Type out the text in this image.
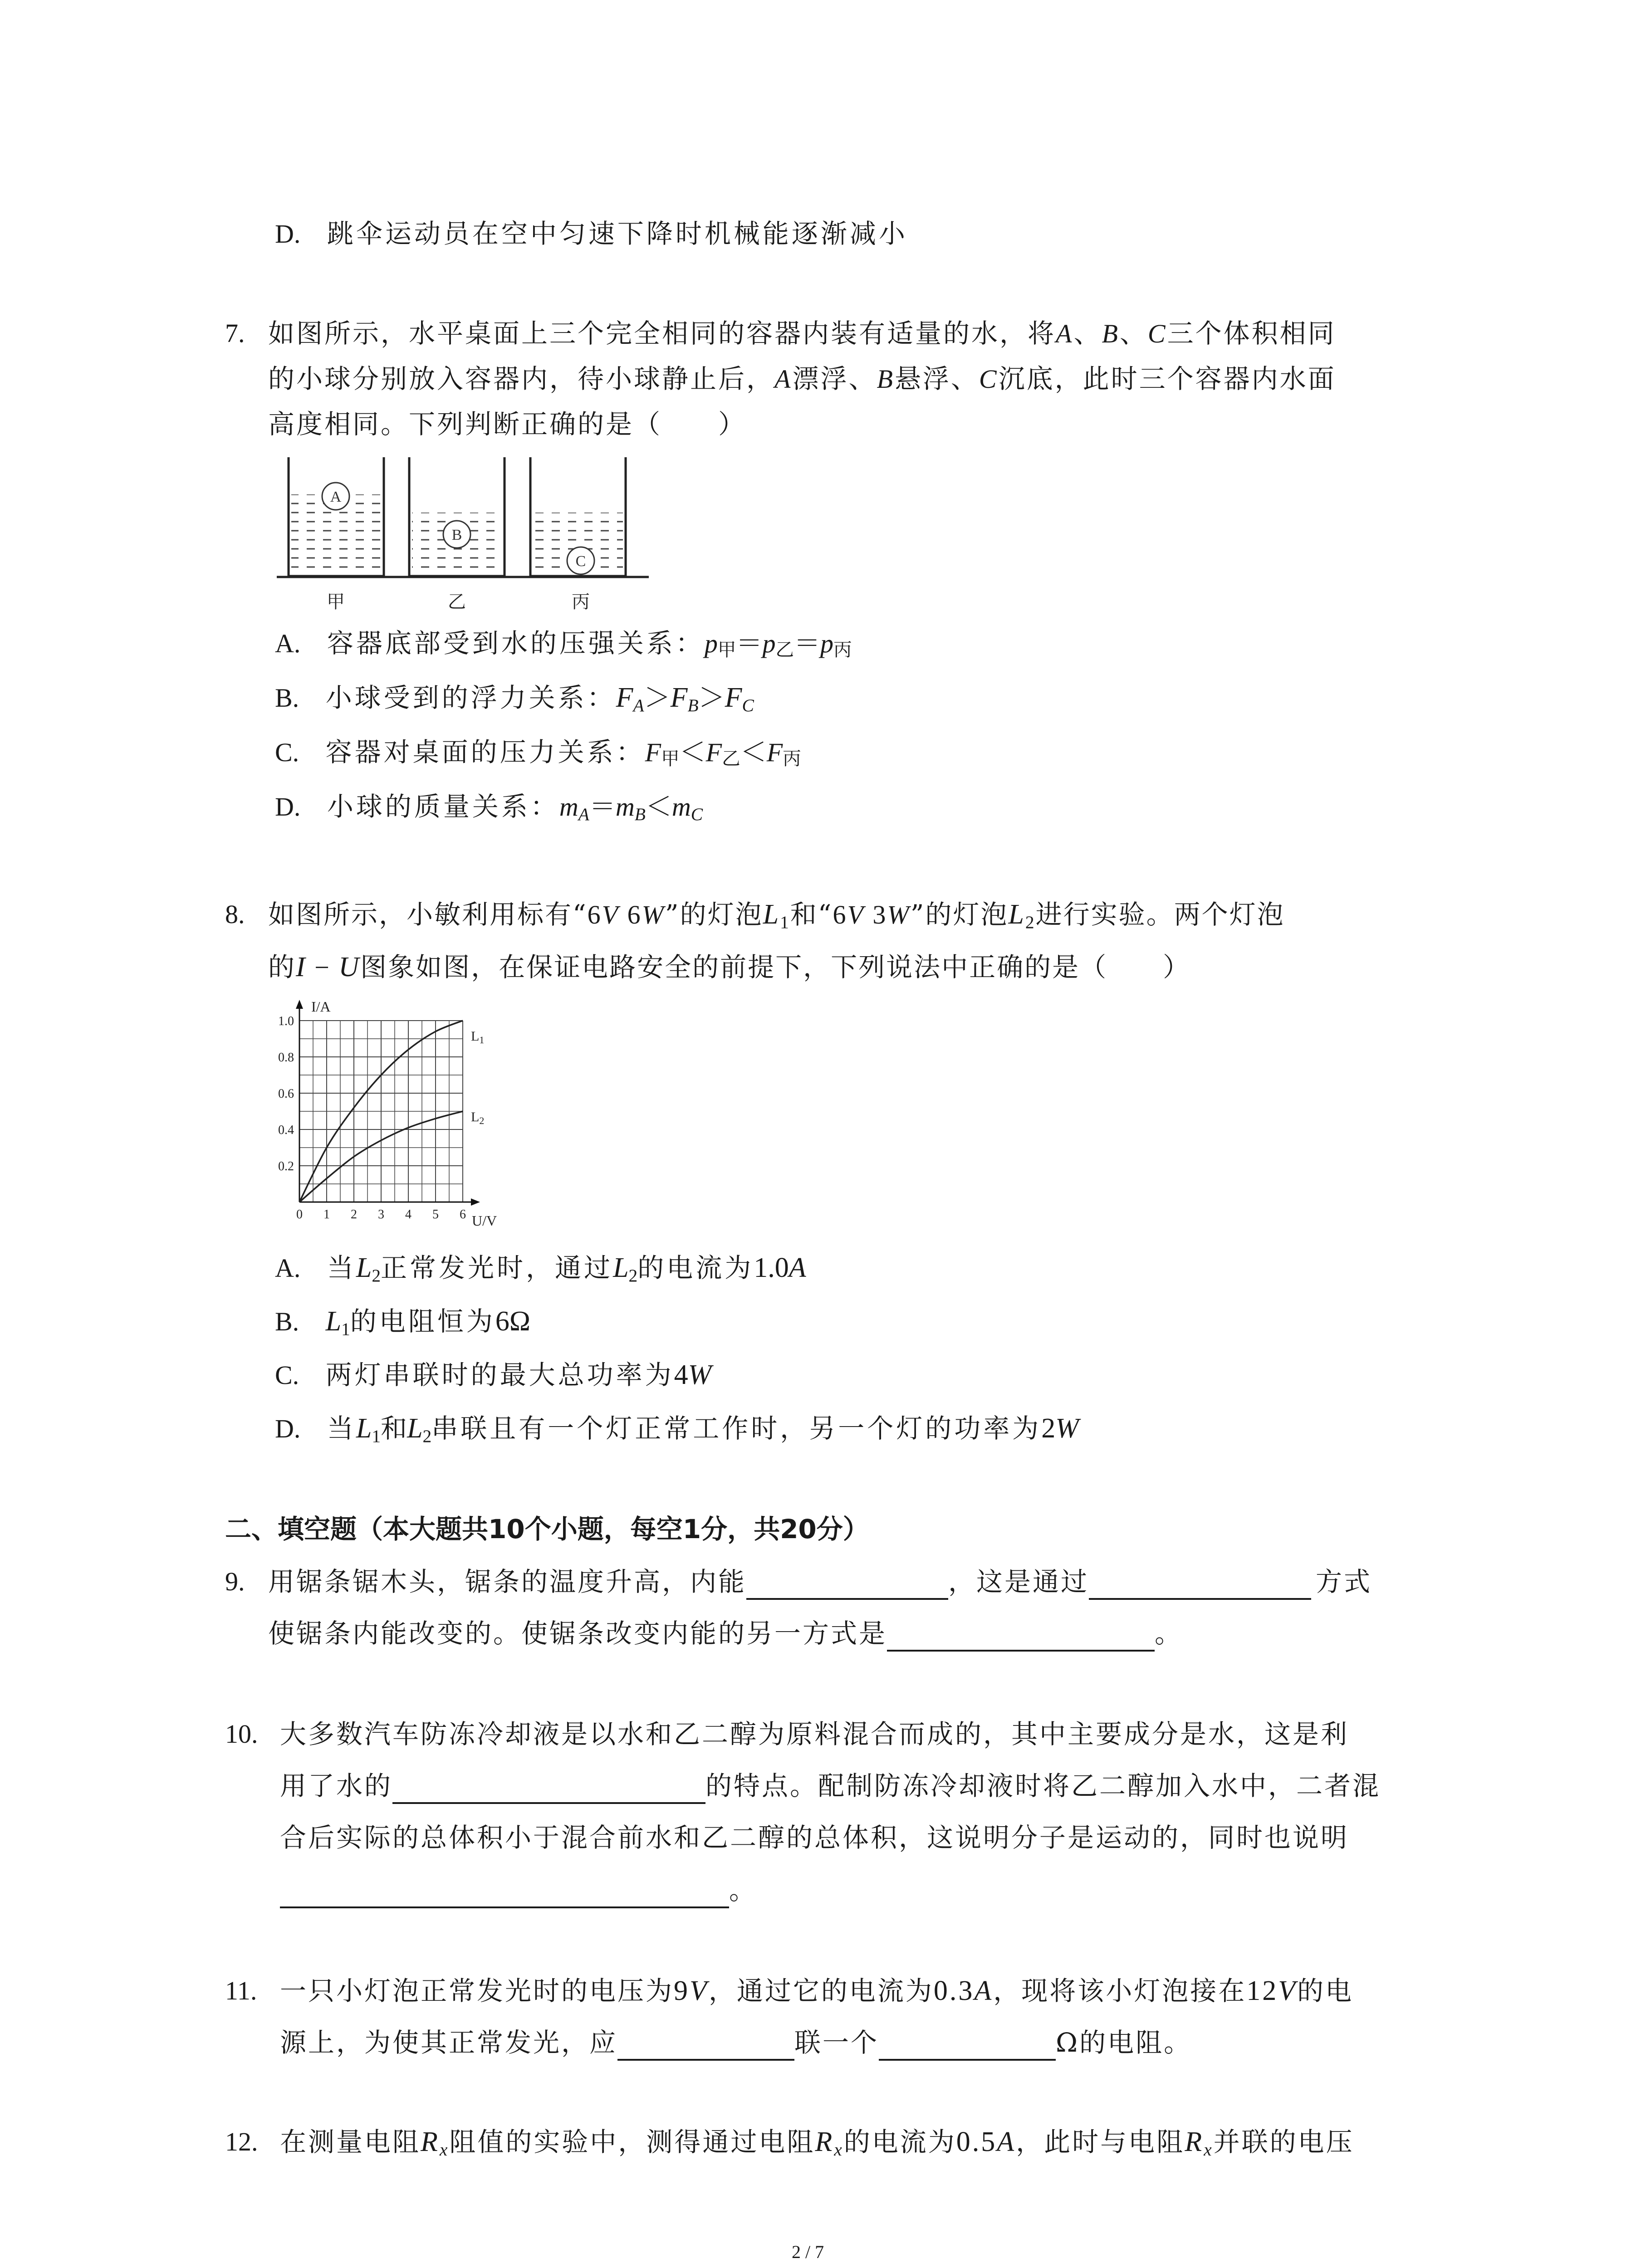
D. 跳伞运动员在空中匀速下降时机械能逐渐减小
7. 如图所示，水平桌面上三个完全相同的容器内装有适量的水，将A、B、C三个体积相同
的小球分别放入容器内，待小球静止后，A漂浮、B悬浮、C沉底，此时三个容器内水面
高度相同。下列判断正确的是（　　）
A
B
C
甲	乙	丙
A. 容器底部受到水的压强关系：p甲＝p乙＝p丙
B. 小球受到的浮力关系：$F_A>F_B>F_C$
C. 容器对桌面的压力关系：F甲＜F乙＜F丙
D. 小球的质量关系：$m_A=m_B<m_C$
8. 如图所示，小敏利用标有“6V 6W”的灯泡$L_1$和“6V 3W”的灯泡$L_2$进行实验。两个灯泡
的I − U图象如图，在保证电路安全的前提下，下列说法中正确的是（　　）
0 1 2 3 4 5 6
0.2
0.4
0.6
0.8
1.0
I/A
U/V
$L_1$
$L_2$
A. 当$L_2$正常发光时，通过$L_2$的电流为1.0A
B. $L_1$的电阻恒为6Ω
C. 两灯串联时的最大总功率为4W
D. 当$L_1$和$L_2$串联且有一个灯正常工作时，另一个灯的功率为2W
二、填空题（本大题共10个小题，每空1分，共20分）
9. 用锯条锯木头，锯条的温度升高，内能	，这是通过	方式
使锯条内能改变的。使锯条改变内能的另一方式是	。
10. 大多数汽车防冻冷却液是以水和乙二醇为原料混合而成的，其中主要成分是水，这是利
用了水的	的特点。配制防冻冷却液时将乙二醇加入水中，二者混
合后实际的总体积小于混合前水和乙二醇的总体积，这说明分子是运动的，同时也说明
。
11. 一只小灯泡正常发光时的电压为9V，通过它的电流为0.3A，现将该小灯泡接在12V的电
源上，为使其正常发光，应	联一个	Ω的电阻。
12. 在测量电阻$R_x$阻值的实验中，测得通过电阻$R_x$的电流为0.5A，此时与电阻$R_x$并联的电压
2 / 7
